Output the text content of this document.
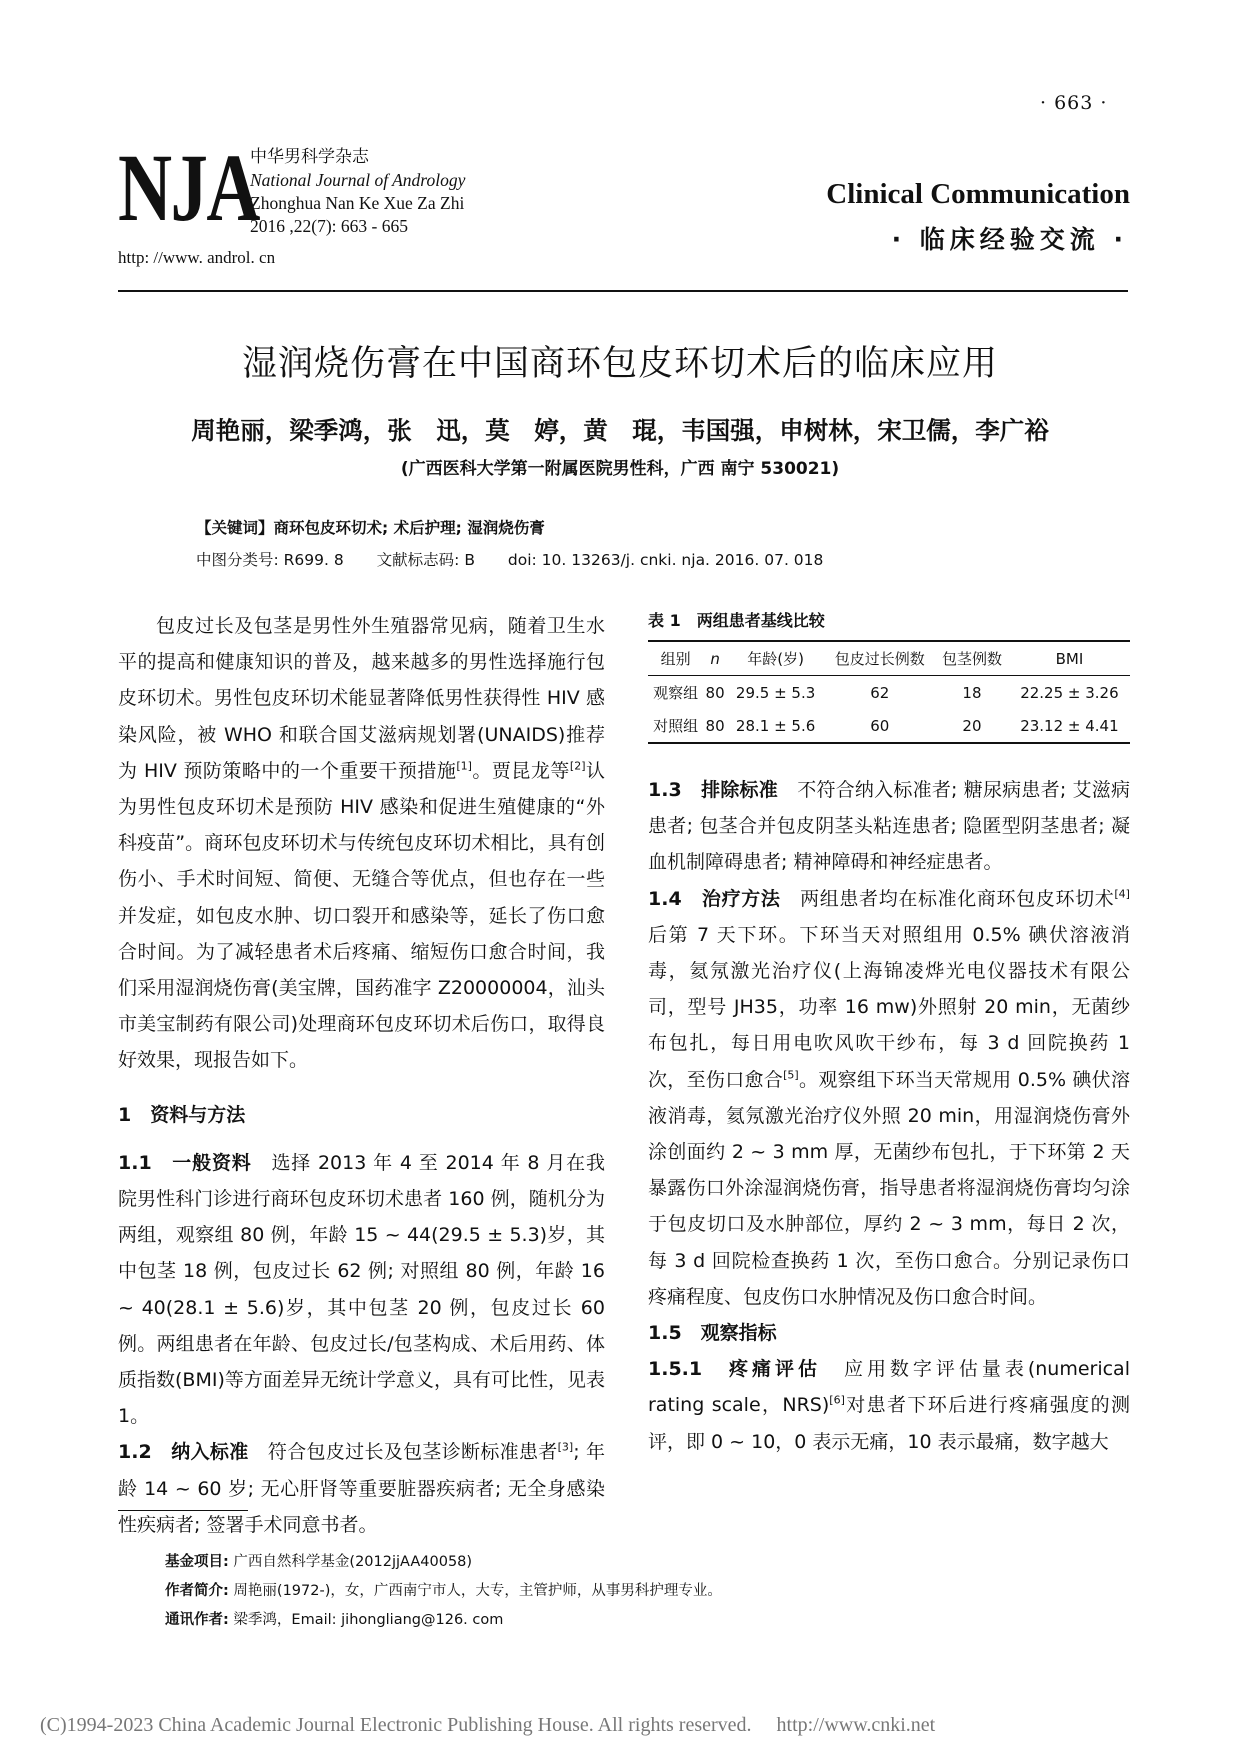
· 663 ·
NJA
中华男科学杂志
National Journal of Andrology
Zhonghua Nan Ke Xue Za Zhi
2016 ,22(7): 663 - 665
http: //www. androl. cn
Clinical Communication
· 临床经验交流 ·
湿润烧伤膏在中国商环包皮环切术后的临床应用
周艳丽，梁季鸿，张　迅，莫　婷，黄　琨，韦国强，申树林，宋卫儒，李广裕
(广西医科大学第一附属医院男性科，广西 南宁 530021)
【关键词】商环包皮环切术; 术后护理; 湿润烧伤膏
中图分类号: R699. 8 文献标志码: B doi: 10. 13263/j. cnki. nja. 2016. 07. 018

包皮过长及包茎是男性外生殖器常见病，随着卫生水平的提高和健康知识的普及，越来越多的男性选择施行包皮环切术。男性包皮环切术能显著降低男性获得性 HIV 感染风险，被 WHO 和联合国艾滋病规划署(UNAIDS)推荐为 HIV 预防策略中的一个重要干预措施[1]。贾昆龙等[2]认为男性包皮环切术是预防 HIV 感染和促进生殖健康的“外科疫苗”。商环包皮环切术与传统包皮环切术相比，具有创伤小、手术时间短、简便、无缝合等优点，但也存在一些并发症，如包皮水肿、切口裂开和感染等，延长了伤口愈合时间。为了减轻患者术后疼痛、缩短伤口愈合时间，我们采用湿润烧伤膏(美宝牌，国药准字 Z20000004，汕头市美宝制药有限公司)处理商环包皮环切术后伤口，取得良好效果，现报告如下。

1　资料与方法

1.1　一般资料　 选择 2013 年 4 至 2014 年 8 月在我院男性科门诊进行商环包皮环切术患者 160 例，随机分为两组，观察组 80 例，年龄 15 ~ 44(29.5 ± 5.3)岁，其中包茎 18 例，包皮过长 62 例; 对照组 80 例，年龄 16 ~ 40(28.1 ± 5.6)岁，其中包茎 20 例，包皮过长 60 例。两组患者在年龄、包皮过长/包茎构成、术后用药、体质指数(BMI)等方面差异无统计学意义，具有可比性，见表 1。

1.2　纳入标准　 符合包皮过长及包茎诊断标准患者[3]; 年龄 14 ~ 60 岁; 无心肝肾等重要脏器疾病者; 无全身感染性疾病者; 签署手术同意书者。

表 1　两组患者基线比较
组别	n	年龄(岁)	包皮过长例数	包茎例数	BMI
观察组	80	29.5 ± 5.3	62	18	22.25 ± 3.26
对照组	80	28.1 ± 5.6	60	20	23.12 ± 4.41

1.3　排除标准　 不符合纳入标准者; 糖尿病患者; 艾滋病患者; 包茎合并包皮阴茎头粘连患者; 隐匿型阴茎患者; 凝血机制障碍患者; 精神障碍和神经症患者。

1.4　治疗方法　 两组患者均在标准化商环包皮环切术[4]后第 7 天下环。下环当天对照组用 0.5% 碘伏溶液消毒，氦氖激光治疗仪(上海锦凌烨光电仪器技术有限公司，型号 JH35，功率 16 mw)外照射 20 min，无菌纱布包扎，每日用电吹风吹干纱布，每 3 d 回院换药 1 次，至伤口愈合[5]。观察组下环当天常规用 0.5% 碘伏溶液消毒，氦氖激光治疗仪外照 20 min，用湿润烧伤膏外涂创面约 2 ~ 3 mm 厚，无菌纱布包扎，于下环第 2 天暴露伤口外涂湿润烧伤膏，指导患者将湿润烧伤膏均匀涂于包皮切口及水肿部位，厚约 2 ~ 3 mm，每日 2 次，每 3 d 回院检查换药 1 次，至伤口愈合。分别记录伤口疼痛程度、包皮伤口水肿情况及伤口愈合时间。

1.5　观察指标

1.5.1　疼痛评估　 应用数字评估量表(numerical rating scale，NRS)[6]对患者下环后进行疼痛强度的测评，即 0 ~ 10，0 表示无痛，10 表示最痛，数字越大

基金项目: 广西自然科学基金(2012jjAA40058)
作者简介: 周艳丽(1972-)，女，广西南宁市人，大专，主管护师，从事男科护理专业。
通讯作者: 梁季鸿，Email: jihongliang@126. com
(C)1994-2023 China Academic Journal Electronic Publishing House. All rights reserved.　 http://www.cnki.net
